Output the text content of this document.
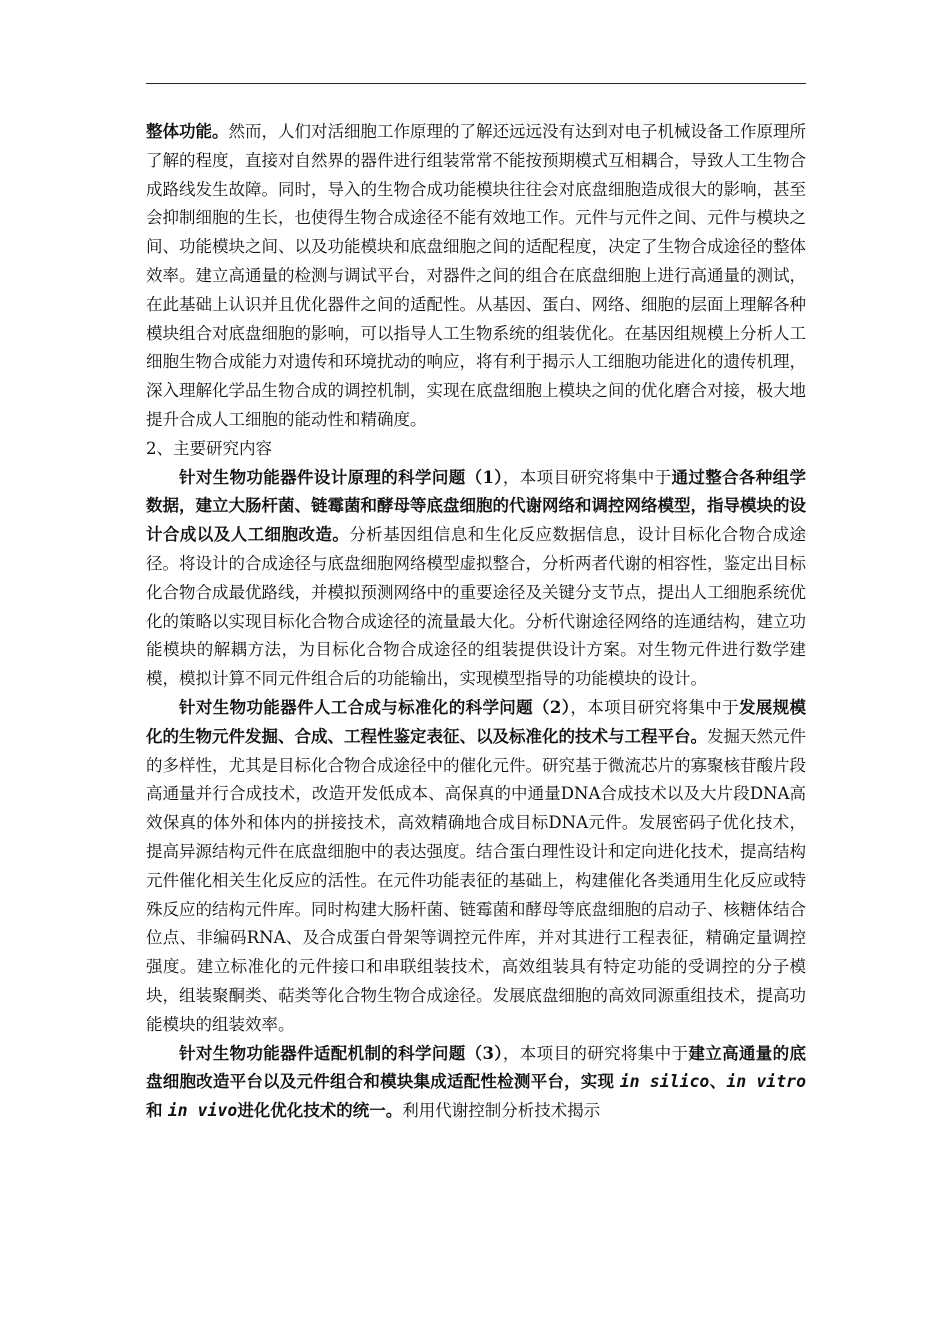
整体功能。然而，人们对活细胞工作原理的了解还远远没有达到对电子机械设备工作原理所了解的程度，直接对自然界的器件进行组装常常不能按预期模式互相耦合，导致人工生物合成路线发生故障。同时，导入的生物合成功能模块往往会对底盘细胞造成很大的影响，甚至会抑制细胞的生长，也使得生物合成途径不能有效地工作。元件与元件之间、元件与模块之间、功能模块之间、以及功能模块和底盘细胞之间的适配程度，决定了生物合成途径的整体效率。建立高通量的检测与调试平台，对器件之间的组合在底盘细胞上进行高通量的测试，在此基础上认识并且优化器件之间的适配性。从基因、蛋白、网络、细胞的层面上理解各种模块组合对底盘细胞的影响，可以指导人工生物系统的组装优化。在基因组规模上分析人工细胞生物合成能力对遗传和环境扰动的响应，将有利于揭示人工细胞功能进化的遗传机理，深入理解化学品生物合成的调控机制，实现在底盘细胞上模块之间的优化磨合对接，极大地提升合成人工细胞的能动性和精确度。

2、主要研究内容

针对生物功能器件设计原理的科学问题（1），本项目研究将集中于通过整合各种组学数据，建立大肠杆菌、链霉菌和酵母等底盘细胞的代谢网络和调控网络模型，指导模块的设计合成以及人工细胞改造。分析基因组信息和生化反应数据信息，设计目标化合物合成途径。将设计的合成途径与底盘细胞网络模型虚拟整合，分析两者代谢的相容性，鉴定出目标化合物合成最优路线，并模拟预测网络中的重要途径及关键分支节点，提出人工细胞系统优化的策略以实现目标化合物合成途径的流量最大化。分析代谢途径网络的连通结构，建立功能模块的解耦方法，为目标化合物合成途径的组装提供设计方案。对生物元件进行数学建模，模拟计算不同元件组合后的功能输出，实现模型指导的功能模块的设计。

针对生物功能器件人工合成与标准化的科学问题（2），本项目研究将集中于发展规模化的生物元件发掘、合成、工程性鉴定表征、以及标准化的技术与工程平台。发掘天然元件的多样性，尤其是目标化合物合成途径中的催化元件。研究基于微流芯片的寡聚核苷酸片段高通量并行合成技术，改造开发低成本、高保真的中通量DNA合成技术以及大片段DNA高效保真的体外和体内的拼接技术，高效精确地合成目标DNA元件。发展密码子优化技术，提高异源结构元件在底盘细胞中的表达强度。结合蛋白理性设计和定向进化技术，提高结构元件催化相关生化反应的活性。在元件功能表征的基础上，构建催化各类通用生化反应或特殊反应的结构元件库。同时构建大肠杆菌、链霉菌和酵母等底盘细胞的启动子、核糖体结合位点、非编码RNA、及合成蛋白骨架等调控元件库，并对其进行工程表征，精确定量调控强度。建立标准化的元件接口和串联组装技术，高效组装具有特定功能的受调控的分子模块，组装聚酮类、萜类等化合物生物合成途径。发展底盘细胞的高效同源重组技术，提高功能模块的组装效率。

针对生物功能器件适配机制的科学问题（3），本项目的研究将集中于建立高通量的底盘细胞改造平台以及元件组合和模块集成适配性检测平台，实现 in silico、in vitro和 in vivo进化优化技术的统一。利用代谢控制分析技术揭示
